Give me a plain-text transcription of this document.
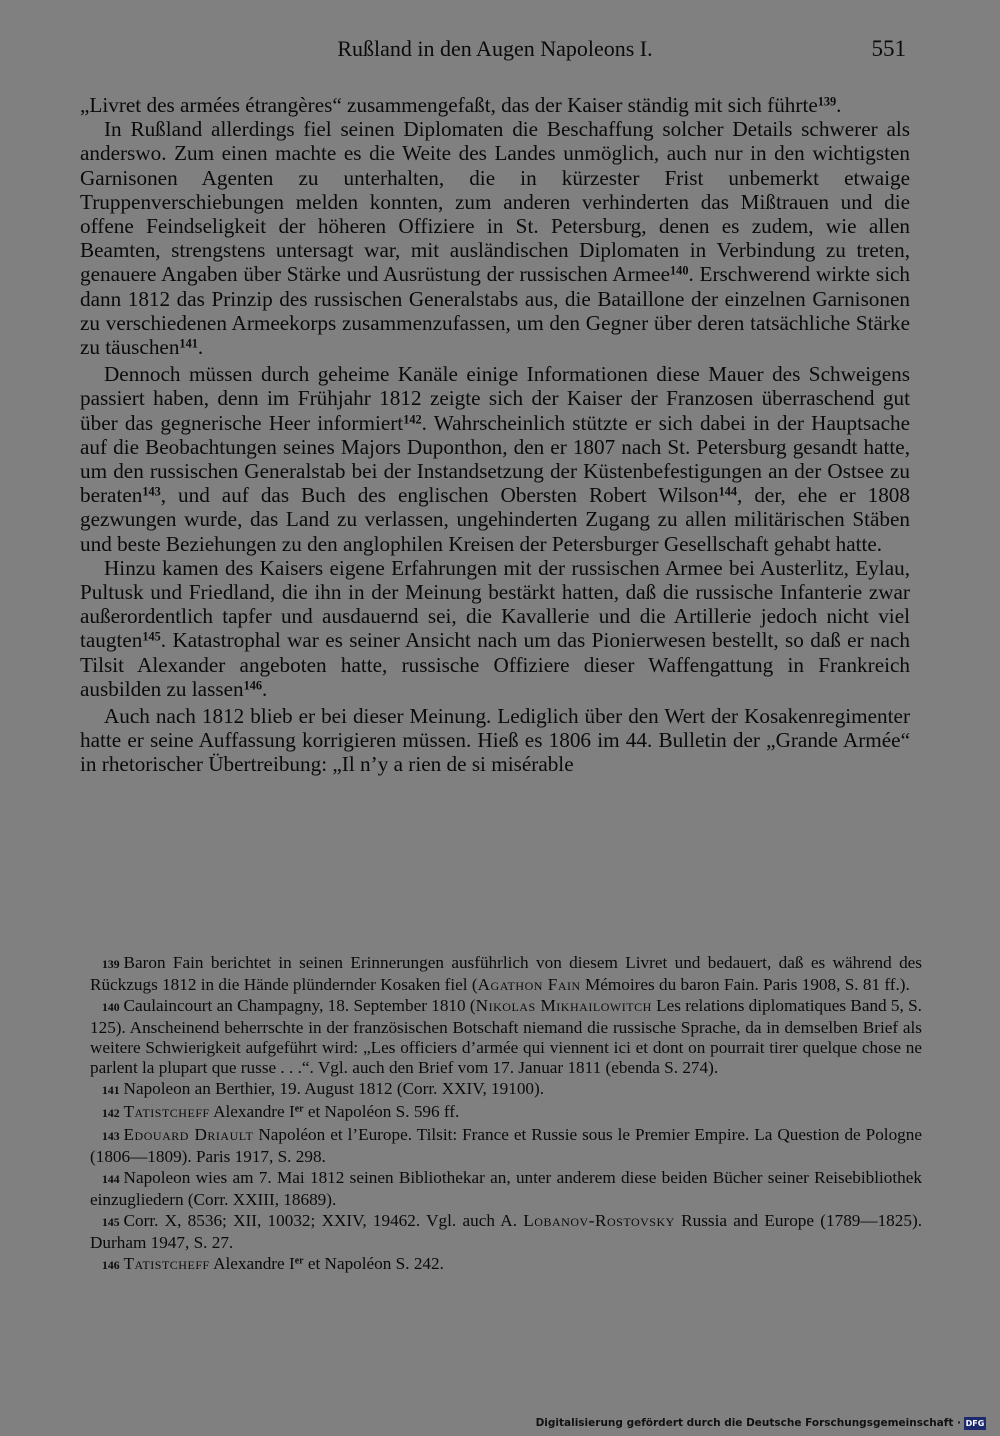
Rußland in den Augen Napoleons I.	551

„Livret des armées étrangères“ zusammengefaßt, das der Kaiser ständig mit sich führte$^{139}$.

In Rußland allerdings fiel seinen Diplomaten die Beschaffung solcher Details schwerer als anderswo. Zum einen machte es die Weite des Landes unmöglich, auch nur in den wichtigsten Garnisonen Agenten zu unterhalten, die in kürzester Frist unbemerkt etwaige Truppenverschiebungen melden konnten, zum anderen verhinderten das Mißtrauen und die offene Feindseligkeit der höheren Offiziere in St. Petersburg, denen es zudem, wie allen Beamten, strengstens untersagt war, mit ausländischen Diplomaten in Verbindung zu treten, genauere Angaben über Stärke und Ausrüstung der russischen Armee$^{140}$. Erschwerend wirkte sich dann 1812 das Prinzip des russischen Generalstabs aus, die Bataillone der einzelnen Garnisonen zu verschiedenen Armeekorps zusammenzufassen, um den Gegner über deren tatsächliche Stärke zu täuschen$^{141}$.

Dennoch müssen durch geheime Kanäle einige Informationen diese Mauer des Schweigens passiert haben, denn im Frühjahr 1812 zeigte sich der Kaiser der Franzosen überraschend gut über das gegnerische Heer informiert$^{142}$. Wahrscheinlich stützte er sich dabei in der Hauptsache auf die Beobachtungen seines Majors Duponthon, den er 1807 nach St. Petersburg gesandt hatte, um den russischen Generalstab bei der Instandsetzung der Küstenbefestigungen an der Ostsee zu beraten$^{143}$, und auf das Buch des englischen Obersten Robert Wilson$^{144}$, der, ehe er 1808 gezwungen wurde, das Land zu verlassen, ungehinderten Zugang zu allen militärischen Stäben und beste Beziehungen zu den anglophilen Kreisen der Petersburger Gesellschaft gehabt hatte.

Hinzu kamen des Kaisers eigene Erfahrungen mit der russischen Armee bei Austerlitz, Eylau, Pultusk und Friedland, die ihn in der Meinung bestärkt hatten, daß die russische Infanterie zwar außerordentlich tapfer und ausdauernd sei, die Kavallerie und die Artillerie jedoch nicht viel taugten$^{145}$. Katastrophal war es seiner Ansicht nach um das Pionierwesen bestellt, so daß er nach Tilsit Alexander angeboten hatte, russische Offiziere dieser Waffengattung in Frankreich ausbilden zu lassen$^{146}$.

Auch nach 1812 blieb er bei dieser Meinung. Lediglich über den Wert der Kosakenregimenter hatte er seine Auffassung korrigieren müssen. Hieß es 1806 im 44. Bulletin der „Grande Armée“ in rhetorischer Übertreibung: „Il n’y a rien de si misérable

139 Baron Fain berichtet in seinen Erinnerungen ausführlich von diesem Livret und bedauert, daß es während des Rückzugs 1812 in die Hände plündernder Kosaken fiel (Agathon Fain Mémoires du baron Fain. Paris 1908, S. 81 ff.).

140 Caulaincourt an Champagny, 18. September 1810 (Nikolas Mikhailowitch Les relations diplomatiques Band 5, S. 125). Anscheinend beherrschte in der französischen Botschaft niemand die russische Sprache, da in demselben Brief als weitere Schwierigkeit aufgeführt wird: „Les officiers d’armée qui viennent ici et dont on pourrait tirer quelque chose ne parlent la plupart que russe . . .“. Vgl. auch den Brief vom 17. Januar 1811 (ebenda S. 274).

141 Napoleon an Berthier, 19. August 1812 (Corr. XXIV, 19100).

142 Tatistcheff Alexandre Ier et Napoléon S. 596 ff.

143 Edouard Driault Napoléon et l’Europe. Tilsit: France et Russie sous le Premier Empire. La Question de Pologne (1806—1809). Paris 1917, S. 298.

144 Napoleon wies am 7. Mai 1812 seinen Bibliothekar an, unter anderem diese beiden Bücher seiner Reisebibliothek einzugliedern (Corr. XXIII, 18689).

145 Corr. X, 8536; XII, 10032; XXIV, 19462. Vgl. auch A. Lobanov-Rostovsky Russia and Europe (1789—1825). Durham 1947, S. 27.

146 Tatistcheff Alexandre Ier et Napoléon S. 242.

Digitalisierung gefördert durch die Deutsche Forschungsgemeinschaft · DFG
